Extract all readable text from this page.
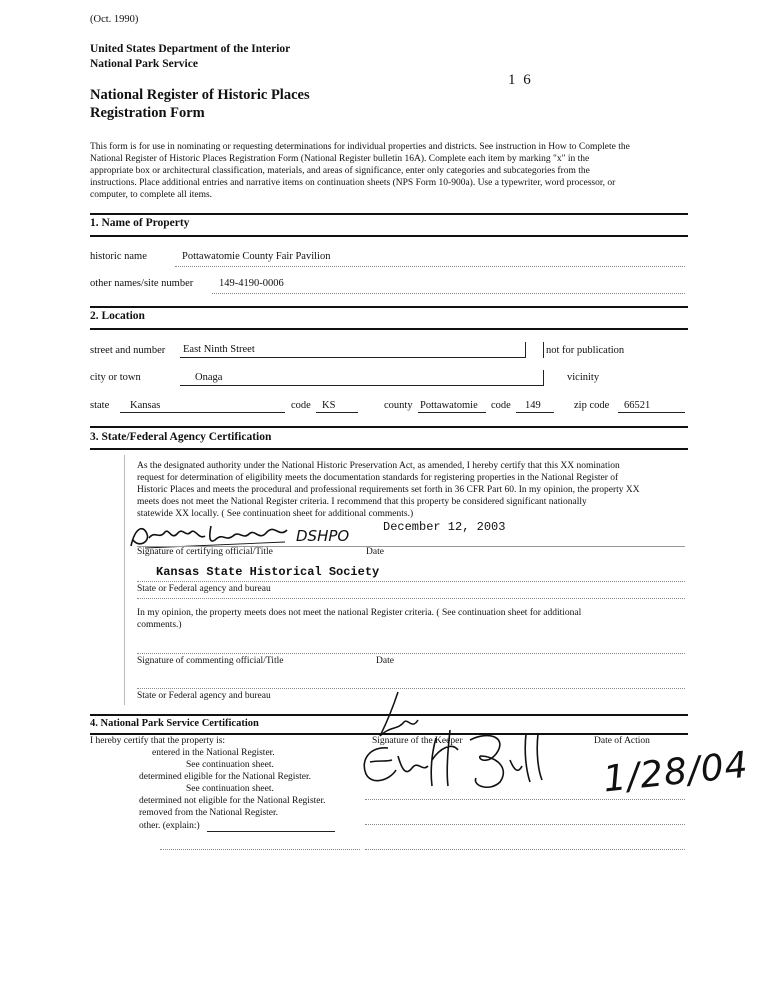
(Oct. 1990)
United States Department of the Interior
National Park Service
National Register of Historic Places
Registration Form
1 6
This form is for use in nominating or requesting determinations for individual properties and districts. See instruction in How to Complete the
National Register of Historic Places Registration Form (National Register bulletin 16A). Complete each item by marking "x" in the
appropriate box or architectural classification, materials, and areas of significance, enter only categories and subcategories from the
instructions. Place additional entries and narrative items on continuation sheets (NPS Form 10-900a). Use a typewriter, word processor, or
computer, to complete all items.
1. Name of Property
historic name	Pottawatomie County Fair Pavilion
other names/site number 149-4190-0006
2. Location
street and number East Ninth Street	not for publication
city or town	Onaga	vicinity
state Kansas	code KS	county Pottawatomie code 149	zip code 66521
3. State/Federal Agency Certification
As the designated authority under the National Historic Preservation Act, as amended, I hereby certify that this XX nomination
request for determination of eligibility meets the documentation standards for registering properties in the National Register of
Historic Places and meets the procedural and professional requirements set forth in 36 CFR Part 60. In my opinion, the property XX
meets does not meet the National Register criteria. I recommend that this property be considered significant nationally
statewide XX locally. ( See continuation sheet for additional comments.)
DSHPO	December 12, 2003
Signature of certifying official/Title	Date
Kansas State Historical Society
State or Federal agency and bureau
In my opinion, the property meets does not meet the national Register criteria. ( See continuation sheet for additional
comments.)
Signature of commenting official/Title	Date
State or Federal agency and bureau
4. National Park Service Certification
I hereby certify that the property is:	Signature of the Keeper	Date of Action
entered in the National Register.
See continuation sheet.
determined eligible for the National Register.
See continuation sheet.
determined not eligible for the National Register.
removed from the National Register.
other. (explain:)
1/28/04
